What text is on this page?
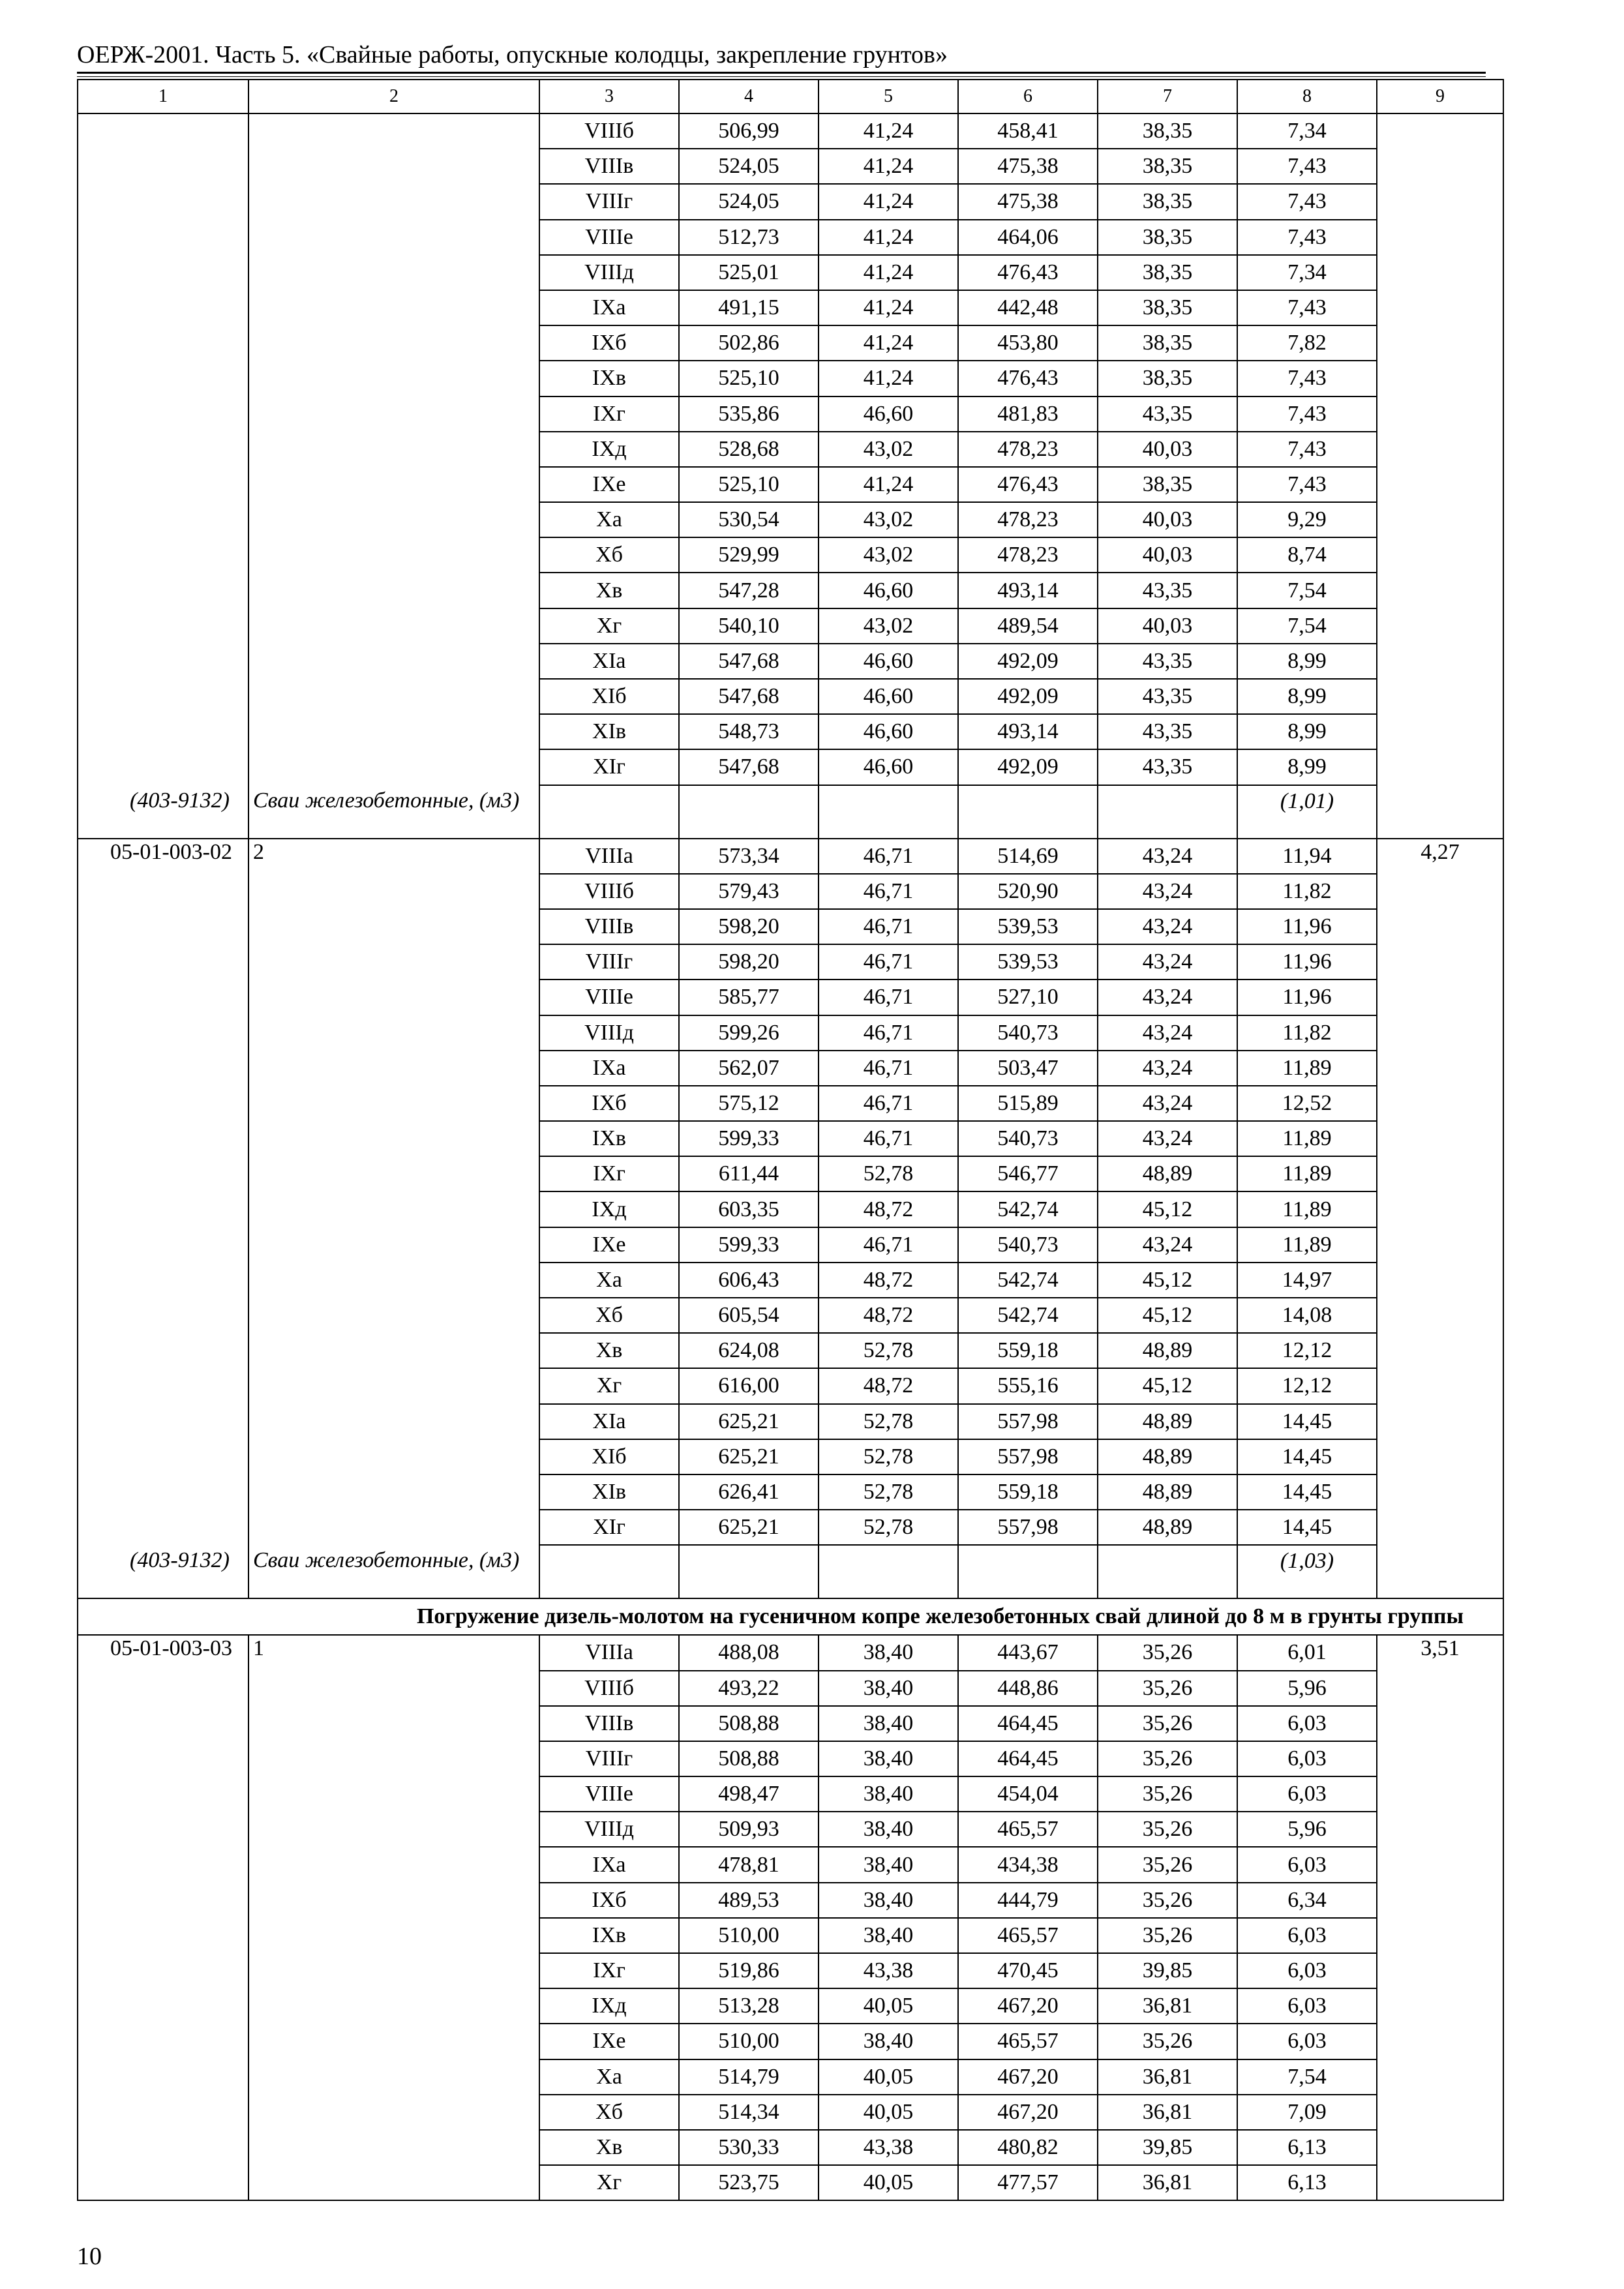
ОЕРЖ-2001. Часть 5. «Свайные работы, опускные колодцы, закрепление грунтов»
1	2	3	4	5	6	7	8	9
		VIIIб	506,99	41,24	458,41	38,35	7,34	
		VIIIв	524,05	41,24	475,38	38,35	7,43	
		VIIIг	524,05	41,24	475,38	38,35	7,43	
		VIIIе	512,73	41,24	464,06	38,35	7,43	
		VIIIд	525,01	41,24	476,43	38,35	7,34	
		IXа	491,15	41,24	442,48	38,35	7,43	
		IXб	502,86	41,24	453,80	38,35	7,82	
		IXв	525,10	41,24	476,43	38,35	7,43	
		IXг	535,86	46,60	481,83	43,35	7,43	
		IXд	528,68	43,02	478,23	40,03	7,43	
		IXе	525,10	41,24	476,43	38,35	7,43	
		Xа	530,54	43,02	478,23	40,03	9,29	
		Xб	529,99	43,02	478,23	40,03	8,74	
		Xв	547,28	46,60	493,14	43,35	7,54	
		Xг	540,10	43,02	489,54	40,03	7,54	
		XIа	547,68	46,60	492,09	43,35	8,99	
		XIб	547,68	46,60	492,09	43,35	8,99	
		XIв	548,73	46,60	493,14	43,35	8,99	
		XIг	547,68	46,60	492,09	43,35	8,99	
(403-9132)	Сваи железобетонные, (м3)						(1,01)	
05-01-003-02	2	VIIIа	573,34	46,71	514,69	43,24	11,94	4,27
		VIIIб	579,43	46,71	520,90	43,24	11,82	
		VIIIв	598,20	46,71	539,53	43,24	11,96	
		VIIIг	598,20	46,71	539,53	43,24	11,96	
		VIIIе	585,77	46,71	527,10	43,24	11,96	
		VIIIд	599,26	46,71	540,73	43,24	11,82	
		IXа	562,07	46,71	503,47	43,24	11,89	
		IXб	575,12	46,71	515,89	43,24	12,52	
		IXв	599,33	46,71	540,73	43,24	11,89	
		IXг	611,44	52,78	546,77	48,89	11,89	
		IXд	603,35	48,72	542,74	45,12	11,89	
		IXе	599,33	46,71	540,73	43,24	11,89	
		Xа	606,43	48,72	542,74	45,12	14,97	
		Xб	605,54	48,72	542,74	45,12	14,08	
		Xв	624,08	52,78	559,18	48,89	12,12	
		Xг	616,00	48,72	555,16	45,12	12,12	
		XIа	625,21	52,78	557,98	48,89	14,45	
		XIб	625,21	52,78	557,98	48,89	14,45	
		XIв	626,41	52,78	559,18	48,89	14,45	
		XIг	625,21	52,78	557,98	48,89	14,45	
(403-9132)	Сваи железобетонные, (м3)						(1,03)	
Погружение дизель-молотом на гусеничном копре железобетонных свай длиной до 8 м в грунты группы								
05-01-003-03	1	VIIIа	488,08	38,40	443,67	35,26	6,01	3,51
		VIIIб	493,22	38,40	448,86	35,26	5,96	
		VIIIв	508,88	38,40	464,45	35,26	6,03	
		VIIIг	508,88	38,40	464,45	35,26	6,03	
		VIIIе	498,47	38,40	454,04	35,26	6,03	
		VIIIд	509,93	38,40	465,57	35,26	5,96	
		IXа	478,81	38,40	434,38	35,26	6,03	
		IXб	489,53	38,40	444,79	35,26	6,34	
		IXв	510,00	38,40	465,57	35,26	6,03	
		IXг	519,86	43,38	470,45	39,85	6,03	
		IXд	513,28	40,05	467,20	36,81	6,03	
		IXе	510,00	38,40	465,57	35,26	6,03	
		Xа	514,79	40,05	467,20	36,81	7,54	
		Xб	514,34	40,05	467,20	36,81	7,09	
		Xв	530,33	43,38	480,82	39,85	6,13	
		Xг	523,75	40,05	477,57	36,81	6,13	
10
